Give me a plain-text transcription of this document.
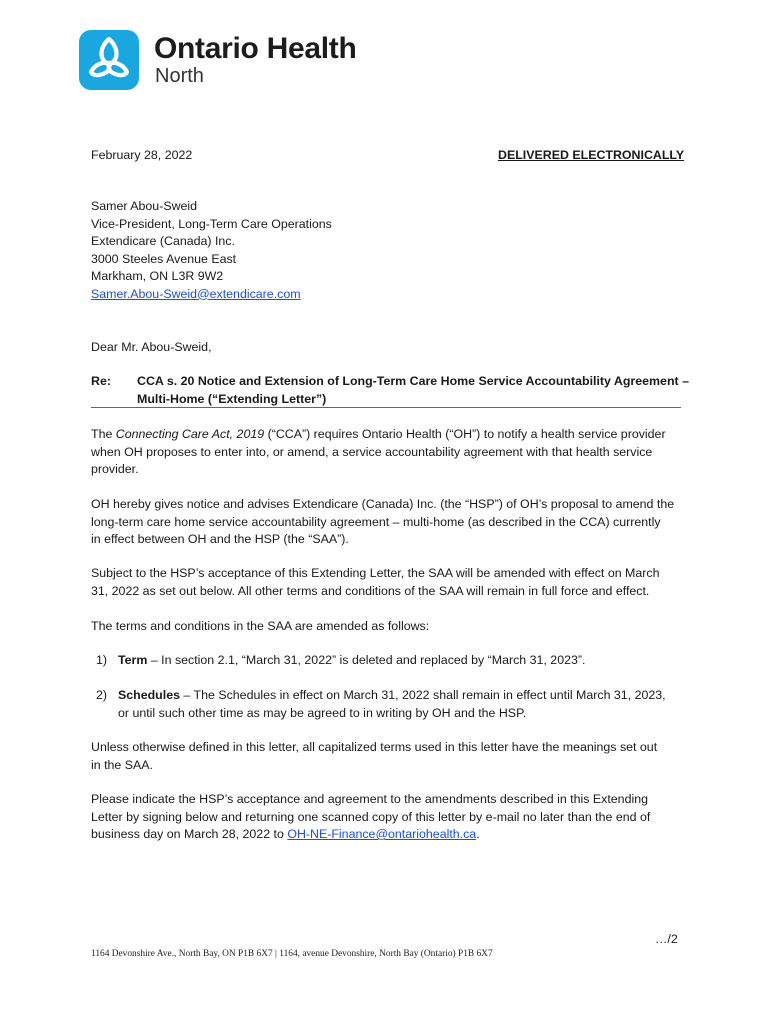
Ontario Health
North
February 28, 2022	DELIVERED ELECTRONICALLY
Samer Abou-Sweid
Vice-President, Long-Term Care Operations
Extendicare (Canada) Inc.
3000 Steeles Avenue East
Markham, ON L3R 9W2
Samer.Abou-Sweid@extendicare.com
Dear Mr. Abou-Sweid,
Re: CCA s. 20 Notice and Extension of Long-Term Care Home Service Accountability Agreement –
Multi-Home (“Extending Letter”)
The Connecting Care Act, 2019 (“CCA”) requires Ontario Health (“OH”) to notify a health service provider
when OH proposes to enter into, or amend, a service accountability agreement with that health service
provider.
OH hereby gives notice and advises Extendicare (Canada) Inc. (the “HSP”) of OH’s proposal to amend the
long-term care home service accountability agreement – multi-home (as described in the CCA) currently
in effect between OH and the HSP (the “SAA”).
Subject to the HSP’s acceptance of this Extending Letter, the SAA will be amended with effect on March
31, 2022 as set out below. All other terms and conditions of the SAA will remain in full force and effect.
The terms and conditions in the SAA are amended as follows:
1) Term – In section 2.1, “March 31, 2022” is deleted and replaced by “March 31, 2023”.
2) Schedules – The Schedules in effect on March 31, 2022 shall remain in effect until March 31, 2023,
or until such other time as may be agreed to in writing by OH and the HSP.
Unless otherwise defined in this letter, all capitalized terms used in this letter have the meanings set out
in the SAA.
Please indicate the HSP’s acceptance and agreement to the amendments described in this Extending
Letter by signing below and returning one scanned copy of this letter by e-mail no later than the end of
business day on March 28, 2022 to OH-NE-Finance@ontariohealth.ca.
…/2
1164 Devonshire Ave., North Bay, ON P1B 6X7 | 1164, avenue Devonshire, North Bay (Ontario) P1B 6X7
